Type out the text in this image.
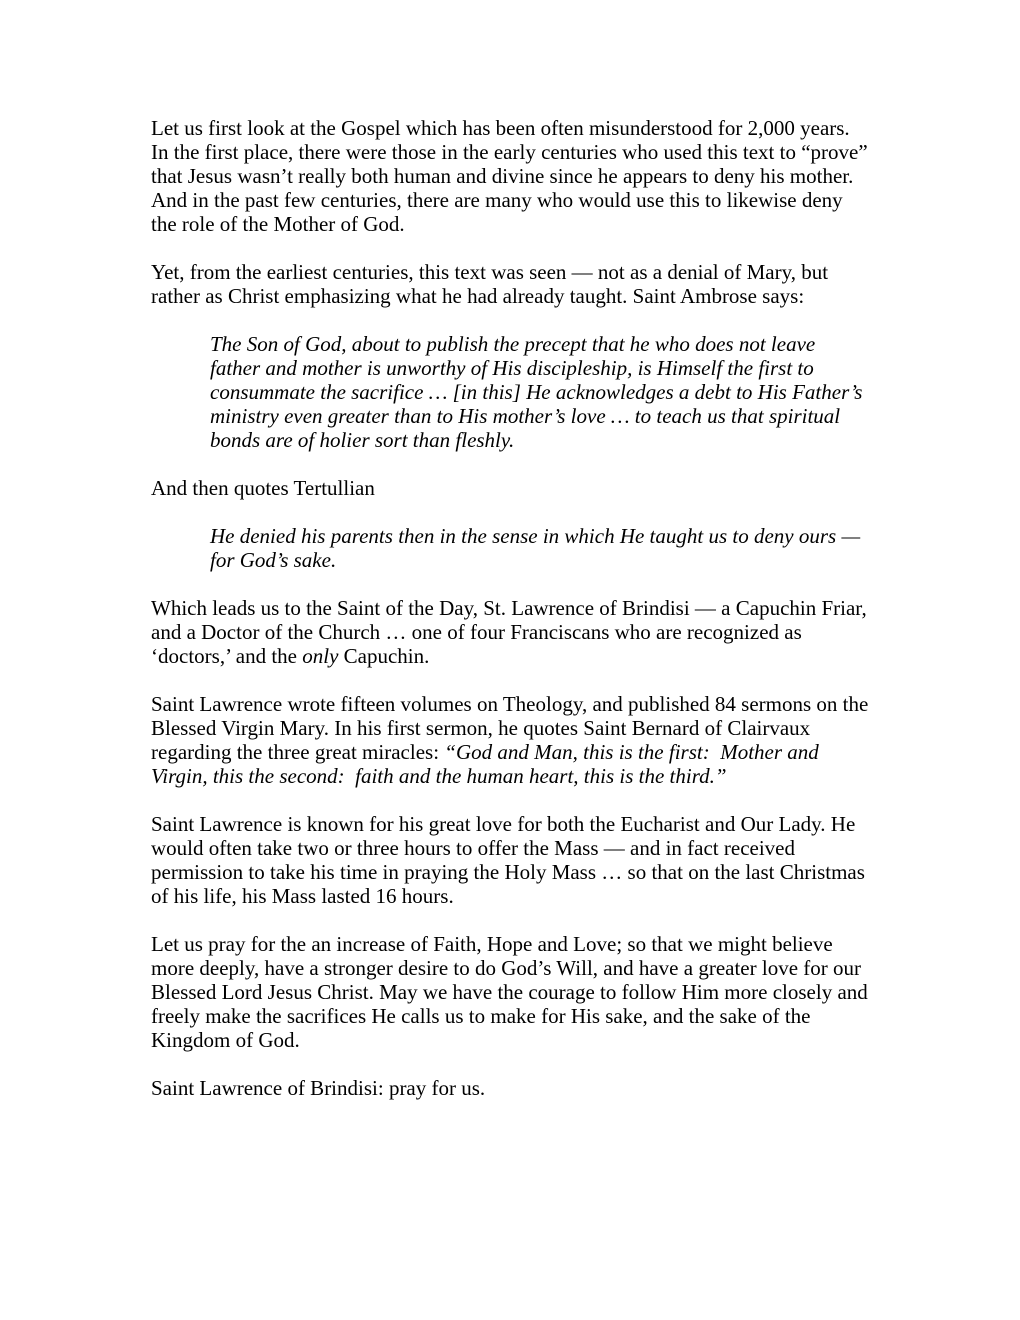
Let us first look at the Gospel which has been often misunderstood for 2,000 years. In the first place, there were those in the early centuries who used this text to “prove” that Jesus wasn’t really both human and divine since he appears to deny his mother. And in the past few centuries, there are many who would use this to likewise deny the role of the Mother of God.

Yet, from the earliest centuries, this text was seen — not as a denial of Mary, but rather as Christ emphasizing what he had already taught. Saint Ambrose says:

The Son of God, about to publish the precept that he who does not leave father and mother is unworthy of His discipleship, is Himself the first to consummate the sacrifice … [in this] He acknowledges a debt to His Father’s ministry even greater than to His mother’s love … to teach us that spiritual bonds are of holier sort than fleshly.

And then quotes Tertullian

He denied his parents then in the sense in which He taught us to deny ours — for God’s sake.

Which leads us to the Saint of the Day, St. Lawrence of Brindisi — a Capuchin Friar, and a Doctor of the Church … one of four Franciscans who are recognized as ‘doctors,’ and the only Capuchin.

Saint Lawrence wrote fifteen volumes on Theology, and published 84 sermons on the Blessed Virgin Mary. In his first sermon, he quotes Saint Bernard of Clairvaux regarding the three great miracles: “God and Man, this is the first:  Mother and Virgin, this the second:  faith and the human heart, this is the third.”

Saint Lawrence is known for his great love for both the Eucharist and Our Lady. He would often take two or three hours to offer the Mass — and in fact received permission to take his time in praying the Holy Mass … so that on the last Christmas of his life, his Mass lasted 16 hours.

Let us pray for the an increase of Faith, Hope and Love; so that we might believe more deeply, have a stronger desire to do God’s Will, and have a greater love for our Blessed Lord Jesus Christ. May we have the courage to follow Him more closely and freely make the sacrifices He calls us to make for His sake, and the sake of the Kingdom of God.

Saint Lawrence of Brindisi: pray for us.
